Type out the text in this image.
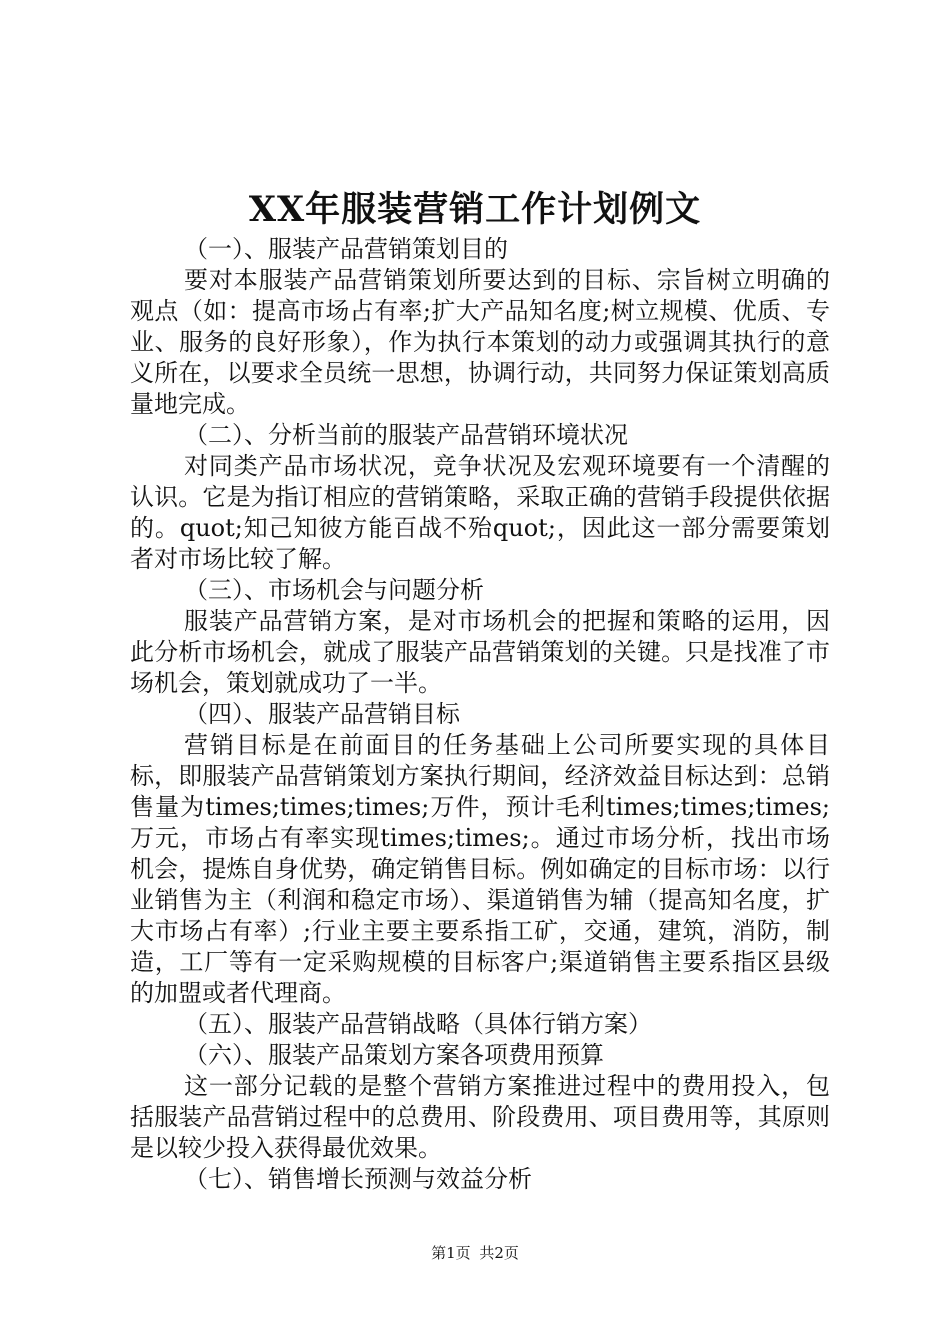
XX年服装营销工作计划例文

（一）、服装产品营销策划目的

要对本服装产品营销策划所要达到的目标、宗旨树立明确的观点（如：提高市场占有率;扩大产品知名度;树立规模、优质、专业、服务的良好形象），作为执行本策划的动力或强调其执行的意义所在，以要求全员统一思想，协调行动，共同努力保证策划高质量地完成。

（二）、分析当前的服装产品营销环境状况

对同类产品市场状况，竞争状况及宏观环境要有一个清醒的认识。它是为指订相应的营销策略，采取正确的营销手段提供依据的。quot;知己知彼方能百战不殆quot;，因此这一部分需要策划者对市场比较了解。

（三）、市场机会与问题分析

服装产品营销方案，是对市场机会的把握和策略的运用，因此分析市场机会，就成了服装产品营销策划的关键。只是找准了市场机会，策划就成功了一半。

（四）、服装产品营销目标

营销目标是在前面目的任务基础上公司所要实现的具体目标，即服装产品营销策划方案执行期间，经济效益目标达到：总销售量为times;times;times;万件，预计毛利times;times;times;万元，市场占有率实现times;times;。通过市场分析，找出市场机会，提炼自身优势，确定销售目标。例如确定的目标市场：以行业销售为主（利润和稳定市场）、渠道销售为辅（提高知名度，扩大市场占有率）;行业主要主要系指工矿，交通，建筑，消防，制造，工厂等有一定采购规模的目标客户;渠道销售主要系指区县级的加盟或者代理商。

（五）、服装产品营销战略（具体行销方案）

（六）、服装产品策划方案各项费用预算

这一部分记载的是整个营销方案推进过程中的费用投入，包括服装产品营销过程中的总费用、阶段费用、项目费用等，其原则是以较少投入获得最优效果。

（七）、销售增长预测与效益分析

第1页 共2页
